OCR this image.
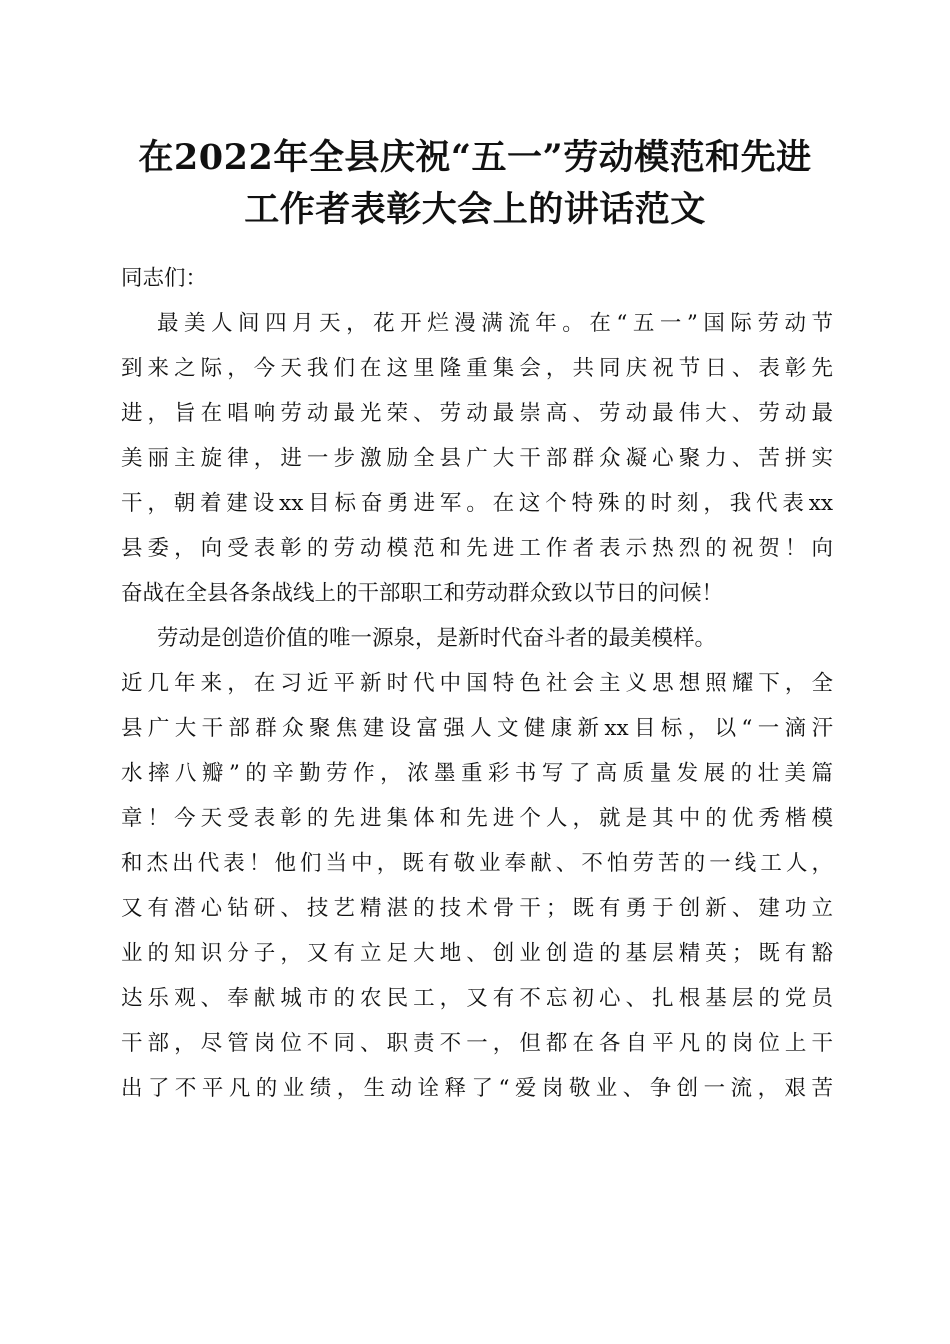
在2022年全县庆祝“五一”劳动模范和先进
工作者表彰大会上的讲话范文
同志们：
最美人间四月天，花开烂漫满流年。在“五一”国际劳动节
到来之际，今天我们在这里隆重集会，共同庆祝节日、表彰先
进，旨在唱响劳动最光荣、劳动最崇高、劳动最伟大、劳动最
美丽主旋律，进一步激励全县广大干部群众凝心聚力、苦拼实
干，朝着建设xx目标奋勇进军。在这个特殊的时刻，我代表xx
县委，向受表彰的劳动模范和先进工作者表示热烈的祝贺！向
奋战在全县各条战线上的干部职工和劳动群众致以节日的问候！
劳动是创造价值的唯一源泉，是新时代奋斗者的最美模样。
近几年来，在习近平新时代中国特色社会主义思想照耀下，全
县广大干部群众聚焦建设富强人文健康新xx目标，以“一滴汗
水摔八瓣”的辛勤劳作，浓墨重彩书写了高质量发展的壮美篇
章！今天受表彰的先进集体和先进个人，就是其中的优秀楷模
和杰出代表！他们当中，既有敬业奉献、不怕劳苦的一线工人，
又有潜心钻研、技艺精湛的技术骨干；既有勇于创新、建功立
业的知识分子，又有立足大地、创业创造的基层精英；既有豁
达乐观、奉献城市的农民工，又有不忘初心、扎根基层的党员
干部，尽管岗位不同、职责不一，但都在各自平凡的岗位上干
出了不平凡的业绩，生动诠释了“爱岗敬业、争创一流，艰苦
